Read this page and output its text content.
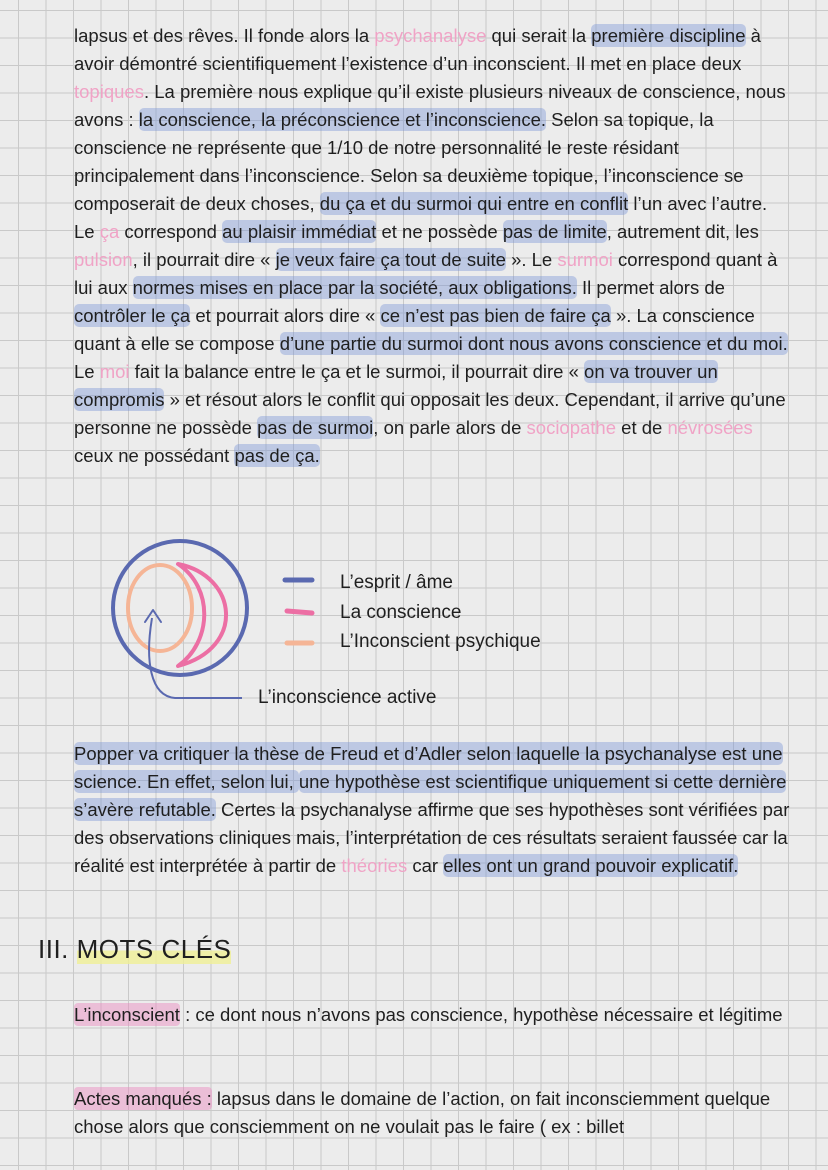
lapsus et des rêves. Il fonde alors la psychanalyse qui serait la première discipline à avoir démontré scientifiquement l’existence d’un inconscient. Il met en place deux topiques. La première nous explique qu’il existe plusieurs niveaux de conscience, nous avons : la conscience, la préconscience et l’inconscience. Selon sa topique, la conscience ne représente que 1/10 de notre personnalité le reste résidant principalement dans l’inconscience. Selon sa deuxième topique, l’inconscience se composerait de deux choses, du ça et du surmoi qui entre en conflit l’un avec l’autre. Le ça correspond au plaisir immédiat et ne possède pas de limite, autrement dit, les pulsion, il pourrait dire « je veux faire ça tout de suite ». Le surmoi correspond quant à lui aux normes mises en place par la société, aux obligations. Il permet alors de contrôler le ça et pourrait alors dire « ce n’est pas bien de faire ça ». La conscience quant à elle se compose d’une partie du surmoi dont nous avons conscience et du moi. Le moi fait la balance entre le ça et le surmoi, il pourrait dire « on va trouver un compromis » et résout alors le conflit qui opposait les deux. Cependant, il arrive qu’une personne ne possède pas de surmoi, on parle alors de sociopathe et de névrosées ceux ne possédant pas de ça.

L’esprit / âme
La conscience
L’Inconscient psychique
L’inconscience active

Popper va critiquer la thèse de Freud et d’Adler selon laquelle la psychanalyse est une science. En effet, selon lui, une hypothèse est scientifique uniquement si cette dernière s’avère refutable. Certes la psychanalyse affirme que ses hypothèses sont vérifiées par des observations cliniques mais, l’interprétation de ces résultats seraient faussée car la réalité est interprétée à partir de théories car elles ont un grand pouvoir explicatif.

III. MOTS CLÉS

L’inconscient : ce dont nous n’avons pas conscience, hypothèse nécessaire et légitime

Actes manqués : lapsus dans le domaine de l’action, on fait inconsciemment quelque chose alors que consciemment on ne voulait pas le faire ( ex : billet
